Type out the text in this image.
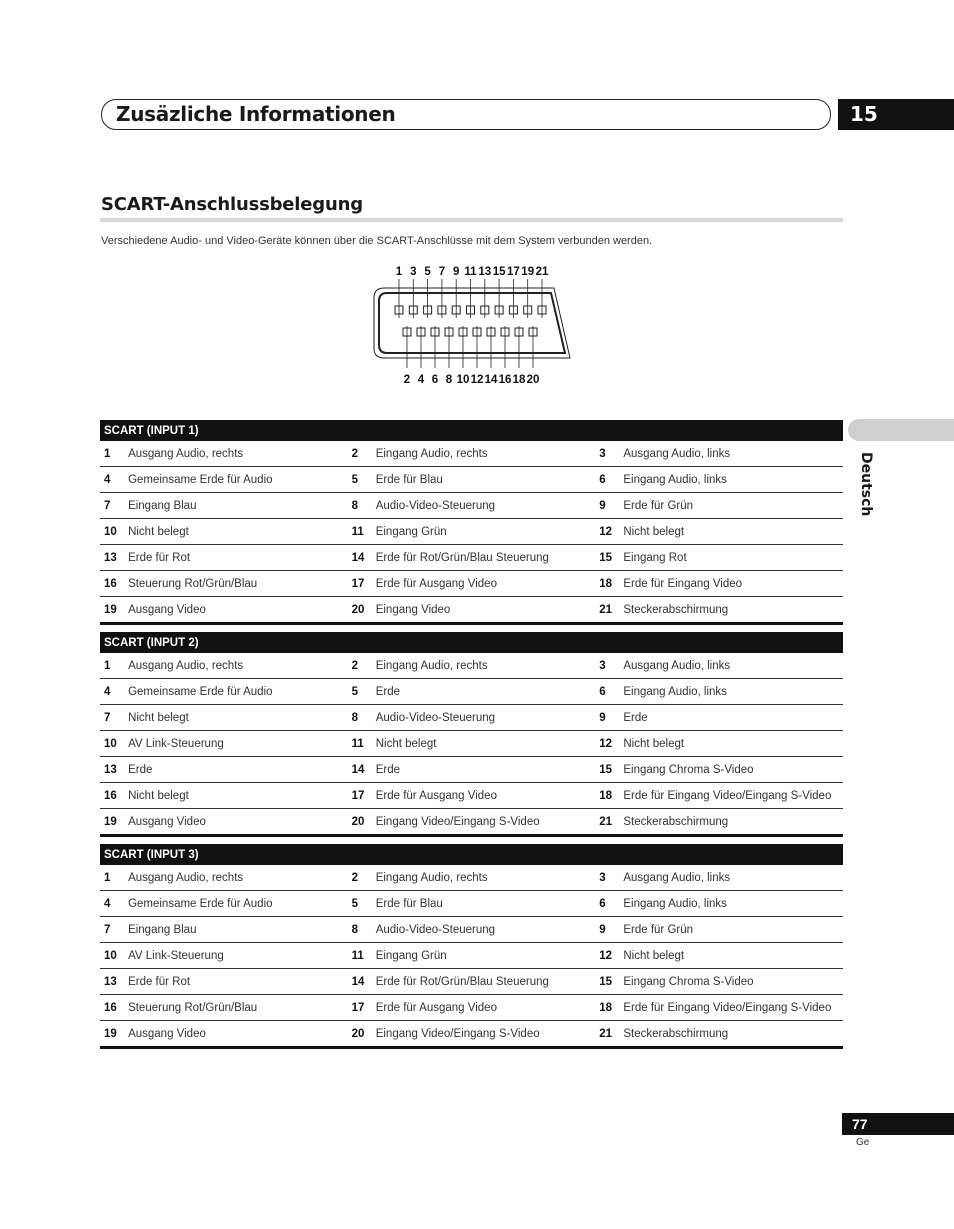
Zusäzliche Informationen	15
SCART-Anschlussbelegung
Verschiedene Audio- und Video-Geräte können über die SCART-Anschlüsse mit dem System verbunden werden.
1 3 5 7 9 11 13 15 17 19 21
2 4 6 8 10 12 14 16 18 20
Deutsch
SCART (INPUT 1)					
1	Ausgang Audio, rechts	2	Eingang Audio, rechts	3	Ausgang Audio, links
4	Gemeinsame Erde für Audio	5	Erde für Blau	6	Eingang Audio, links
7	Eingang Blau	8	Audio-Video-Steuerung	9	Erde für Grün
10	Nicht belegt	11	Eingang Grün	12	Nicht belegt
13	Erde für Rot	14	Erde für Rot/Grün/Blau Steuerung	15	Eingang Rot
16	Steuerung Rot/Grün/Blau	17	Erde für Ausgang Video	18	Erde für Eingang Video
19	Ausgang Video	20	Eingang Video	21	Steckerabschirmung
SCART (INPUT 2)					
1	Ausgang Audio, rechts	2	Eingang Audio, rechts	3	Ausgang Audio, links
4	Gemeinsame Erde für Audio	5	Erde	6	Eingang Audio, links
7	Nicht belegt	8	Audio-Video-Steuerung	9	Erde
10	AV Link-Steuerung	11	Nicht belegt	12	Nicht belegt
13	Erde	14	Erde	15	Eingang Chroma S-Video
16	Nicht belegt	17	Erde für Ausgang Video	18	Erde für Eingang Video/Eingang S-Video
19	Ausgang Video	20	Eingang Video/Eingang S-Video	21	Steckerabschirmung
SCART (INPUT 3)					
1	Ausgang Audio, rechts	2	Eingang Audio, rechts	3	Ausgang Audio, links
4	Gemeinsame Erde für Audio	5	Erde für Blau	6	Eingang Audio, links
7	Eingang Blau	8	Audio-Video-Steuerung	9	Erde für Grün
10	AV Link-Steuerung	11	Eingang Grün	12	Nicht belegt
13	Erde für Rot	14	Erde für Rot/Grün/Blau Steuerung	15	Eingang Chroma S-Video
16	Steuerung Rot/Grün/Blau	17	Erde für Ausgang Video	18	Erde für Eingang Video/Eingang S-Video
19	Ausgang Video	20	Eingang Video/Eingang S-Video	21	Steckerabschirmung
77
Ge
